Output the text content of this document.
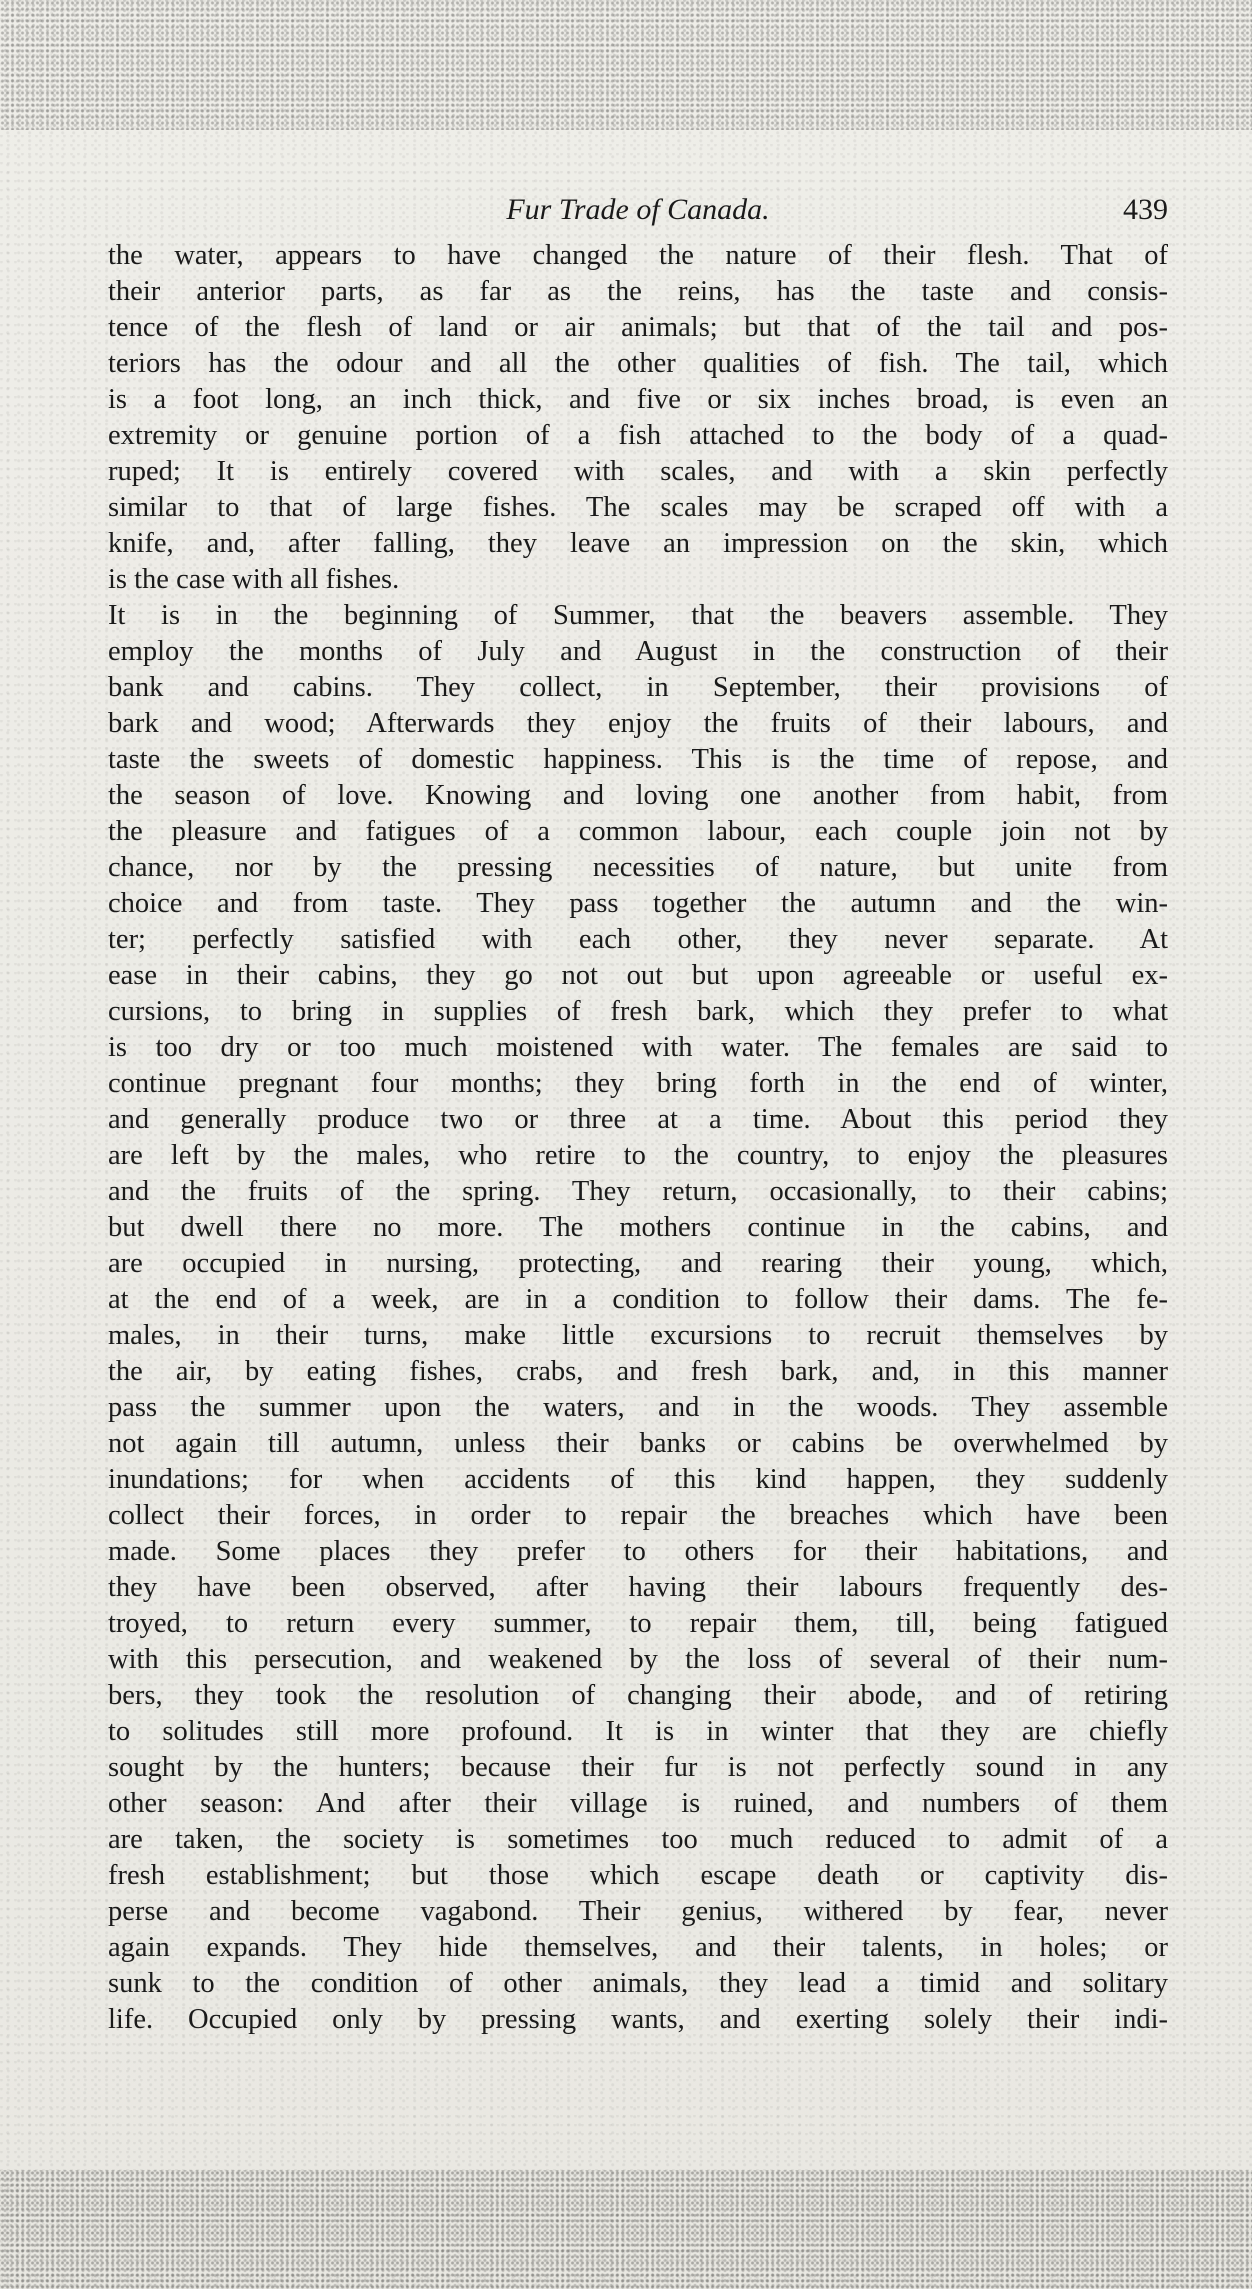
Fur Trade of Canada.	439
the water, appears to have changed the nature of their flesh. That of
their anterior parts, as far as the reins, has the taste and consis-
tence of the flesh of land or air animals; but that of the tail and pos-
teriors has the odour and all the other qualities of fish. The tail, which
is a foot long, an inch thick, and five or six inches broad, is even an
extremity or genuine portion of a fish attached to the body of a quad-
ruped; It is entirely covered with scales, and with a skin perfectly
similar to that of large fishes. The scales may be scraped off with a
knife, and, after falling, they leave an impression on the skin, which
is the case with all fishes.
It is in the beginning of Summer, that the beavers assemble. They
employ the months of July and August in the construction of their
bank and cabins. They collect, in September, their provisions of
bark and wood; Afterwards they enjoy the fruits of their labours, and
taste the sweets of domestic happiness. This is the time of repose, and
the season of love. Knowing and loving one another from habit, from
the pleasure and fatigues of a common labour, each couple join not by
chance, nor by the pressing necessities of nature, but unite from
choice and from taste. They pass together the autumn and the win-
ter; perfectly satisfied with each other, they never separate. At
ease in their cabins, they go not out but upon agreeable or useful ex-
cursions, to bring in supplies of fresh bark, which they prefer to what
is too dry or too much moistened with water. The females are said to
continue pregnant four months; they bring forth in the end of winter,
and generally produce two or three at a time. About this period they
are left by the males, who retire to the country, to enjoy the pleasures
and the fruits of the spring. They return, occasionally, to their cabins;
but dwell there no more. The mothers continue in the cabins, and
are occupied in nursing, protecting, and rearing their young, which,
at the end of a week, are in a condition to follow their dams. The fe-
males, in their turns, make little excursions to recruit themselves by
the air, by eating fishes, crabs, and fresh bark, and, in this manner
pass the summer upon the waters, and in the woods. They assemble
not again till autumn, unless their banks or cabins be overwhelmed by
inundations; for when accidents of this kind happen, they suddenly
collect their forces, in order to repair the breaches which have been
made. Some places they prefer to others for their habitations, and
they have been observed, after having their labours frequently des-
troyed, to return every summer, to repair them, till, being fatigued
with this persecution, and weakened by the loss of several of their num-
bers, they took the resolution of changing their abode, and of retiring
to solitudes still more profound. It is in winter that they are chiefly
sought by the hunters; because their fur is not perfectly sound in any
other season: And after their village is ruined, and numbers of them
are taken, the society is sometimes too much reduced to admit of a
fresh establishment; but those which escape death or captivity dis-
perse and become vagabond. Their genius, withered by fear, never
again expands. They hide themselves, and their talents, in holes; or
sunk to the condition of other animals, they lead a timid and solitary
life. Occupied only by pressing wants, and exerting solely their indi-
